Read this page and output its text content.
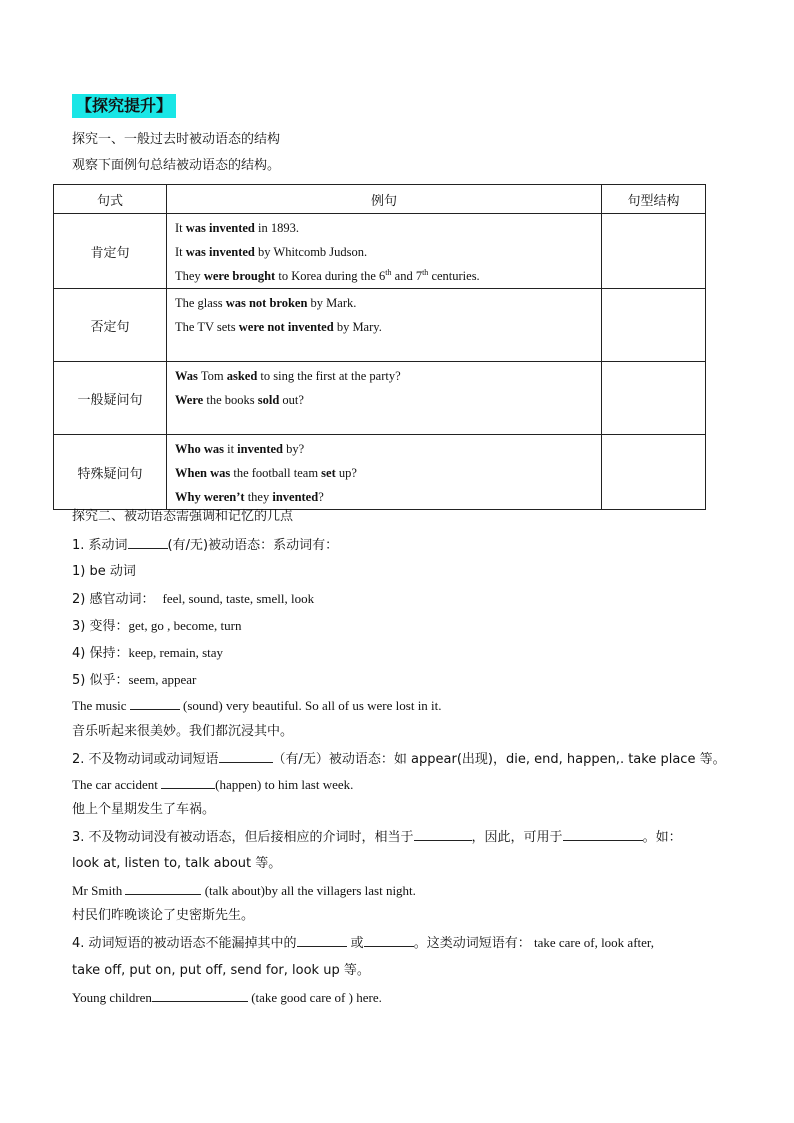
【探究提升】
探究一、一般过去时被动语态的结构
观察下面例句总结被动语态的结构。
句式	例句	句型结构
肯定句	It was invented in 1893.
It was invented by Whitcomb Judson.
They were brought to Korea during the 6th and 7th centuries.	

否定句	The glass was not broken by Mark.
The TV sets were not invented by Mary.	

一般疑问句	Was Tom asked to sing the first at the party?
Were the books sold out?	

特殊疑问句	Who was it invented by?
When was the football team set up?
Why weren’t they invented?	

探究二、被动语态需强调和记忆的几点
1. 系动词	(有/无)被动语态：系动词有：
1) be 动词
2) 感官动词： feel, sound, taste, smell, look
3) 变得：get, go , become, turn
4) 保持：keep, remain, stay
5) 似乎：seem, appear
The music	(sound) very beautiful. So all of us were lost in it.
音乐听起来很美妙。我们都沉浸其中。
2. 不及物动词或动词短语	（有/无）被动语态：如 appear(出现)，die, end, happen,. take place 等。
The car accident	(happen) to him last week.
他上个星期发生了车祸。
3. 不及物动词没有被动语态，但后接相应的介词时，相当于	，因此，可用于	。如：
look at, listen to, talk about 等。
Mr Smith	(talk about)by all the villagers last night.
村民们昨晚谈论了史密斯先生。
4. 动词短语的被动语态不能漏掉其中的	或	。这类动词短语有： take care of, look after,
take off, put on, put off, send for, look up 等。
Young children	(take good care of ) here.
